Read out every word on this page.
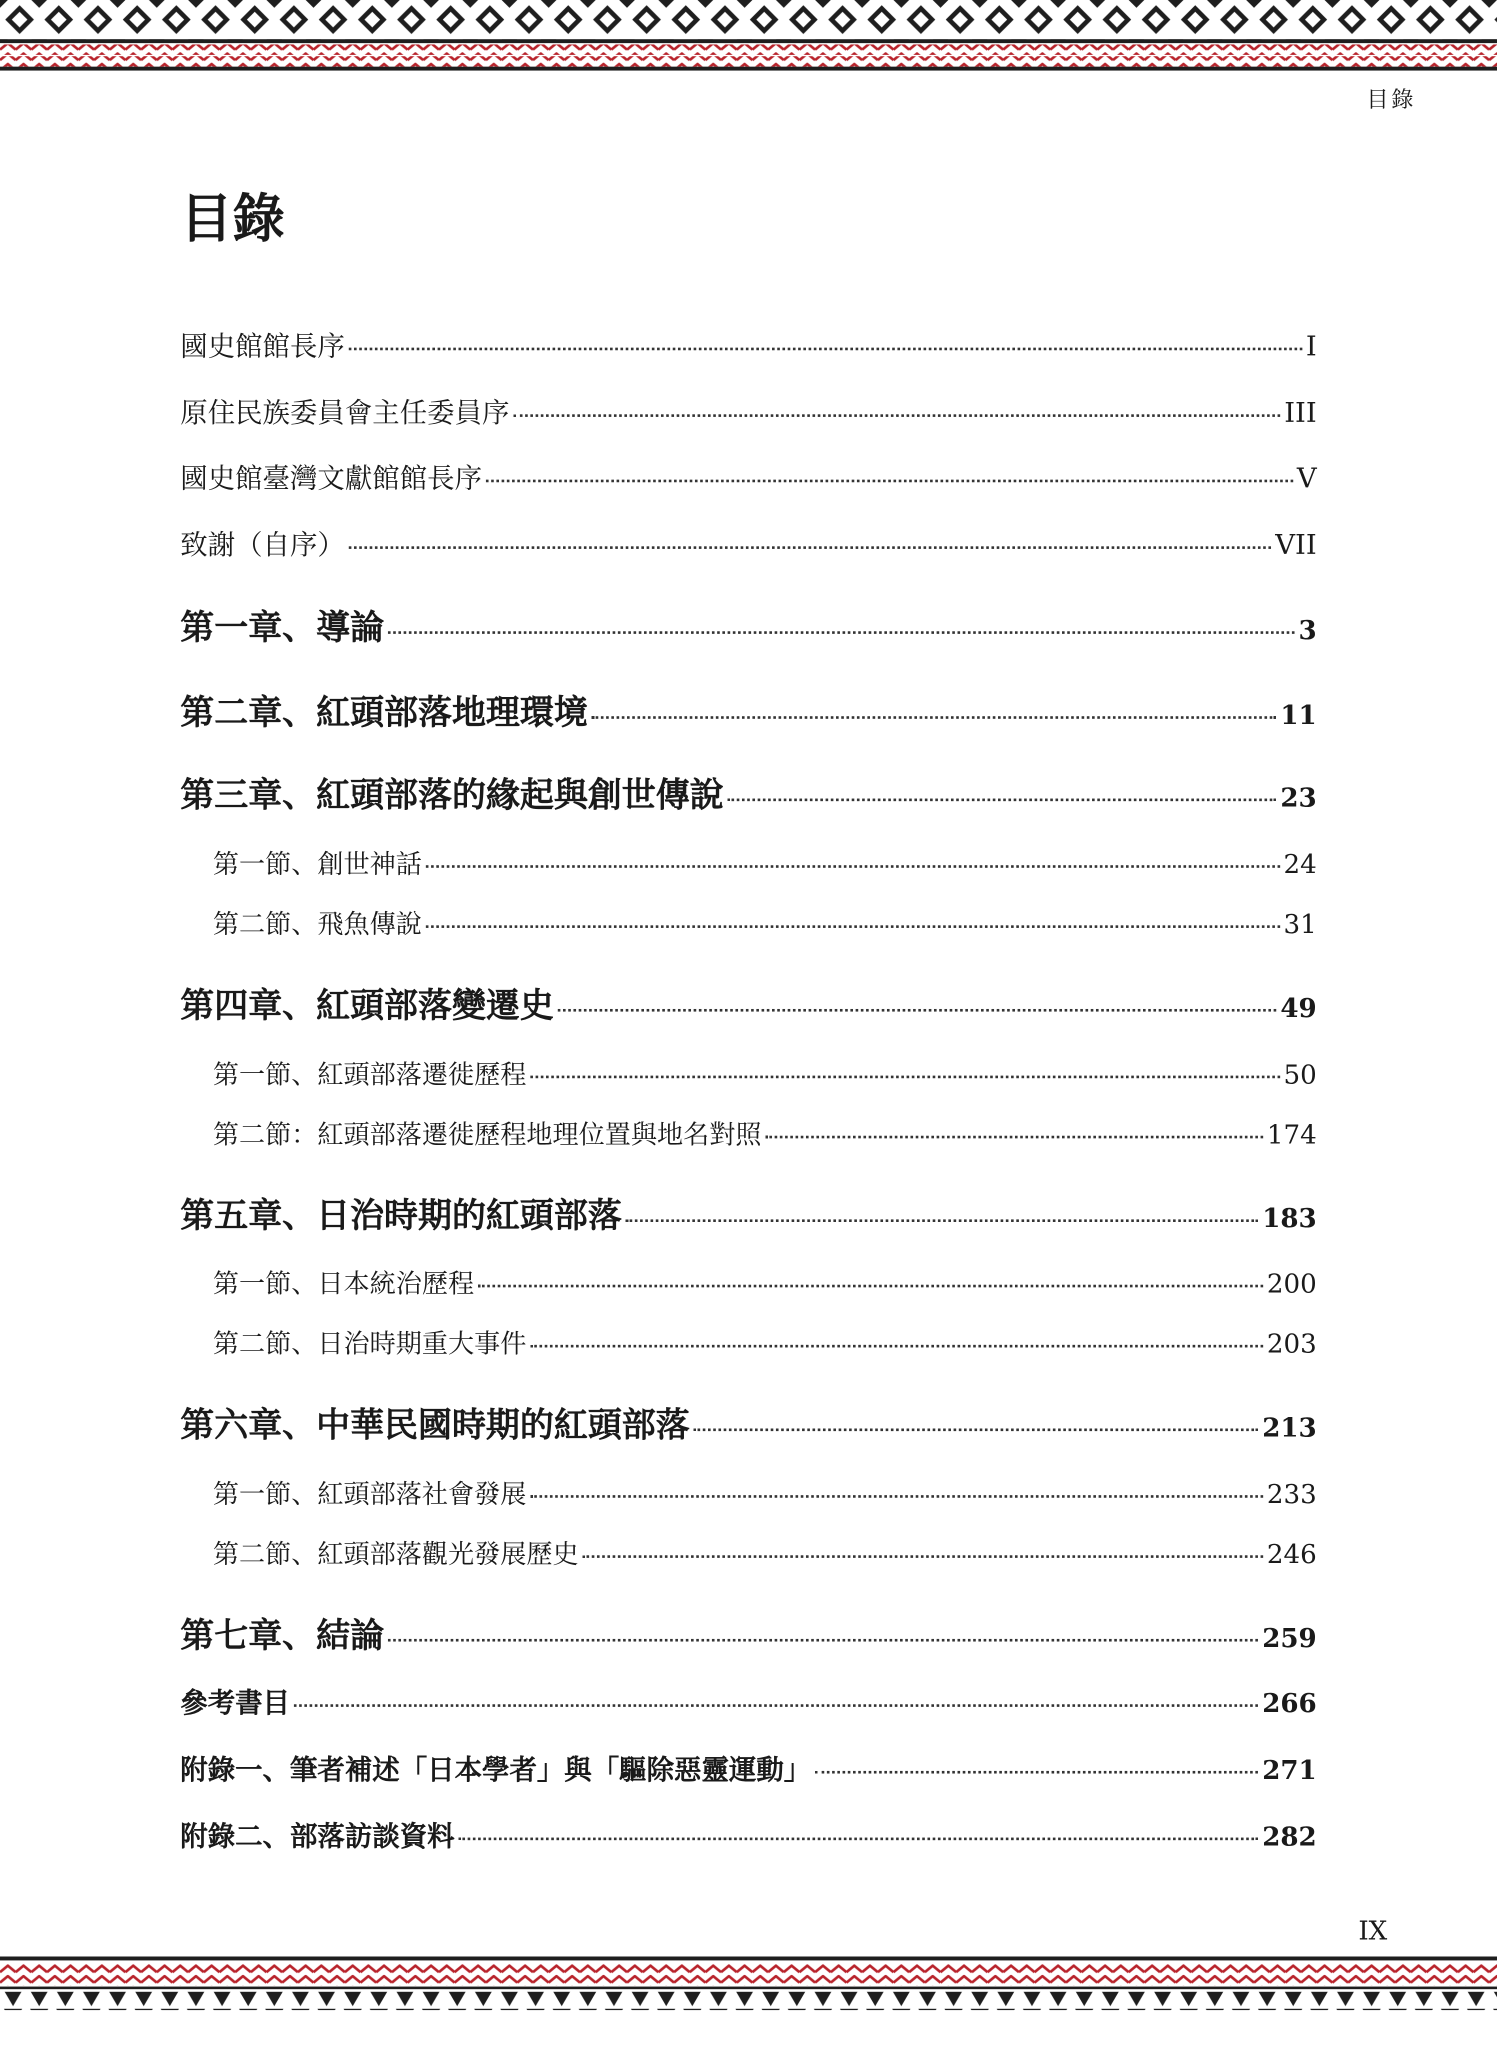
目錄
目錄
國史館館長序	I
原住民族委員會主任委員序	III
國史館臺灣文獻館館長序	V
致謝（自序）	VII
第一章、導論	3
第二章、紅頭部落地理環境	11
第三章、紅頭部落的緣起與創世傳說	23
第一節、創世神話	24
第二節、飛魚傳說	31
第四章、紅頭部落變遷史	49
第一節、紅頭部落遷徙歷程	50
第二節：紅頭部落遷徙歷程地理位置與地名對照	174
第五章、日治時期的紅頭部落	183
第一節、日本統治歷程	200
第二節、日治時期重大事件	203
第六章、中華民國時期的紅頭部落	213
第一節、紅頭部落社會發展	233
第二節、紅頭部落觀光發展歷史	246
第七章、結論	259
參考書目	266
附錄一、筆者補述「日本學者」與「驅除惡靈運動」	271
附錄二、部落訪談資料	282
IX
